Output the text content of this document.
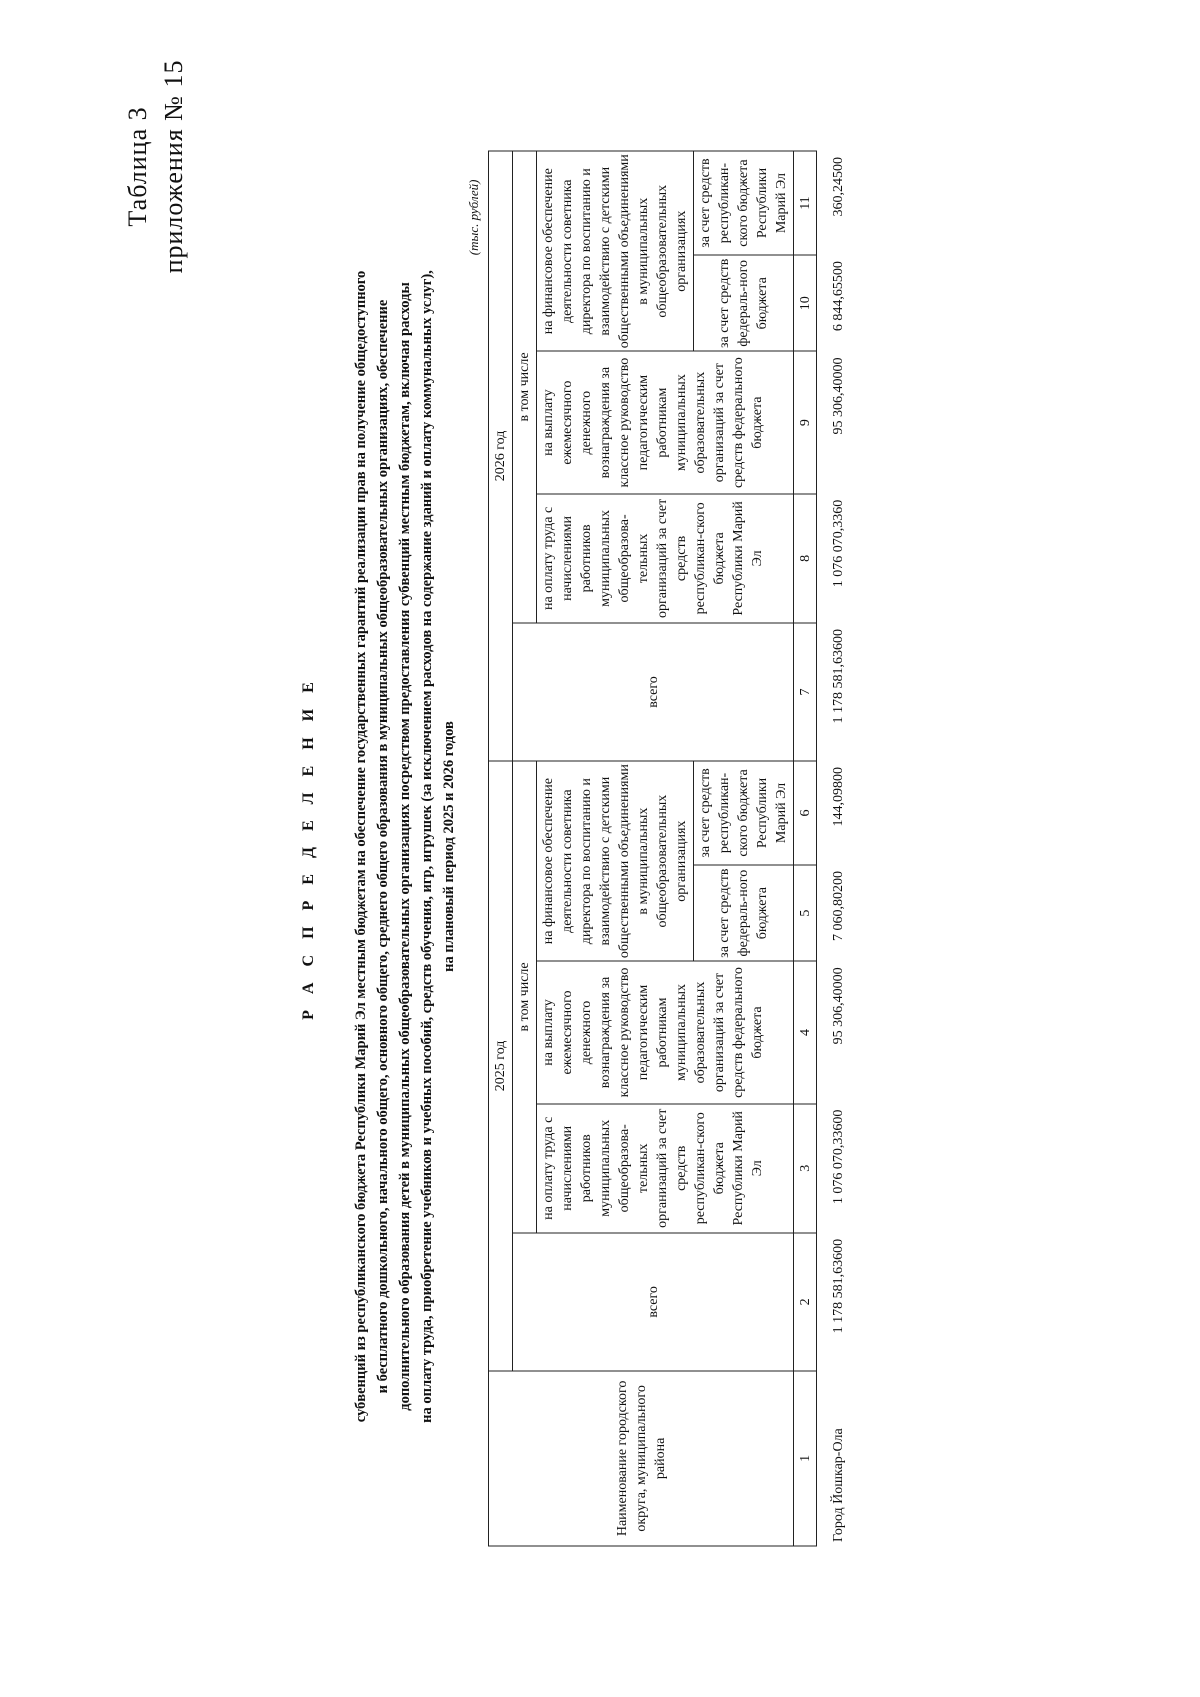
Таблица 3 приложения № 15
Р А С П Р Е Д Е Л Е Н И Е субвенций из республиканского бюджета Республики Марий Эл местным бюджетам на обеспечение государственных гарантий реализации прав на получение общедоступного и бесплатного дошкольного, начального общего, основного общего, среднего общего образования в муниципальных общеобразовательных организациях, обеспечение дополнительного образования детей в муниципальных общеобразовательных организациях посредством предоставления субвенций местным бюджетам, включая расходы на оплату труда, приобретение учебников и учебных пособий, средств обучения, игр, игрушек (за исключением расходов на содержание зданий и оплату коммунальных услуг), на плановый период 2025 и 2026 годов
(тыс. рублей)
Наименование городского округа, муниципального района	2025 год					2026 год				
	всего	в том числе				всего	в том числе			
		на оплату труда с начислениями работников муниципальных общеобразова-тельных организаций за счет средств республикан-ского бюджета Республики Марий Эл	на выплату ежемесячного денежного вознаграждения за классное руководство педагогическим работникам муниципальных образовательных организаций за счет средств федерального бюджета	на финансовое обеспечение деятельности советника директора по воспитанию и взаимодействию с детскими общественными объединениями в муниципальных общеобразовательных организациях			на оплату труда с начислениями работников муниципальных общеобразова-тельных организаций за счет средств республикан-ского бюджета Республики Марий Эл	на выплату ежемесячного денежного вознаграждения за классное руководство педагогическим работникам муниципальных образовательных организаций за счет средств федерального бюджета	на финансовое обеспечение деятельности советника директора по воспитанию и взаимодействию с детскими общественными объединениями в муниципальных общеобразовательных организациях	
				за счет средств федераль-ного бюджета	за счет средств республикан-ского бюджета Республики Марий Эл				за счет средств федераль-ного бюджета	за счет средств республикан-ского бюджета Республики Марий Эл
1	2	3	4	5	6	7	8	9	10	11
Город Йошкар-Ола	1 178 581,63600	1 076 070,33600	95 306,40000	7 060,80200	144,09800	1 178 581,63600	1 076 070,3360	95 306,40000	6 844,65500	360,24500
